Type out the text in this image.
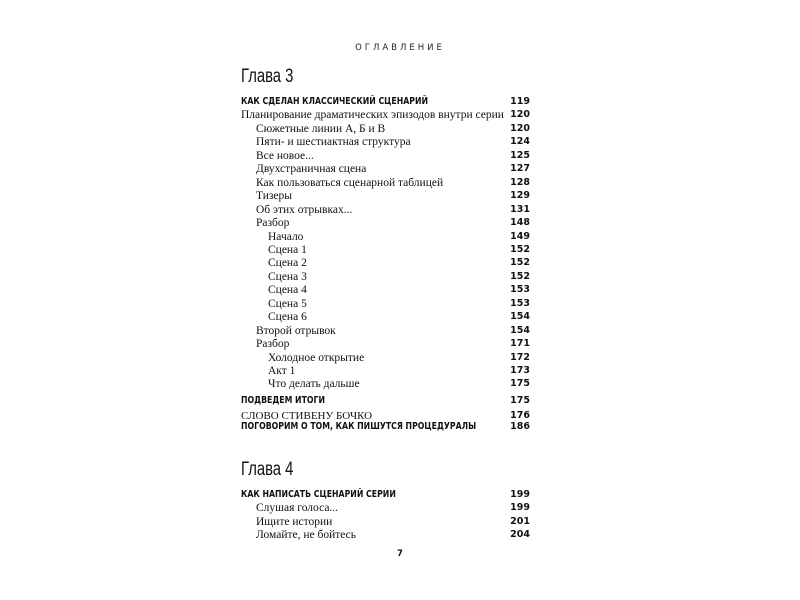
ОГЛАВЛЕНИЕ
Глава 3
КАК СДЕЛАН КЛАССИЧЕСКИЙ СЦЕНАРИЙ	119
Планирование драматических эпизодов внутри серии 120
Сюжетные линии А, Б и В	120
Пяти- и шестиактная структура	124
Все новое...	125
Двухстраничная сцена	127
Как пользоваться сценарной таблицей	128
Тизеры	129
Об этих отрывках...	131
Разбор	148
Начало	149
Сцена 1	152
Сцена 2	152
Сцена 3	152
Сцена 4	153
Сцена 5	153
Сцена 6	154
Второй отрывок	154
Разбор	171
Холодное открытие	172
Акт 1	173
Что делать дальше	175
ПОДВЕДЕМ ИТОГИ	175
СЛОВО СТИВЕНУ БОЧКО	176
ПОГОВОРИМ О ТОМ, КАК ПИШУТСЯ ПРОЦЕДУРАЛЫ	186
Глава 4
КАК НАПИСАТЬ СЦЕНАРИЙ СЕРИИ	199
Слушая голоса...	199
Ищите истории	201
Ломайте, не бойтесь	204
7
